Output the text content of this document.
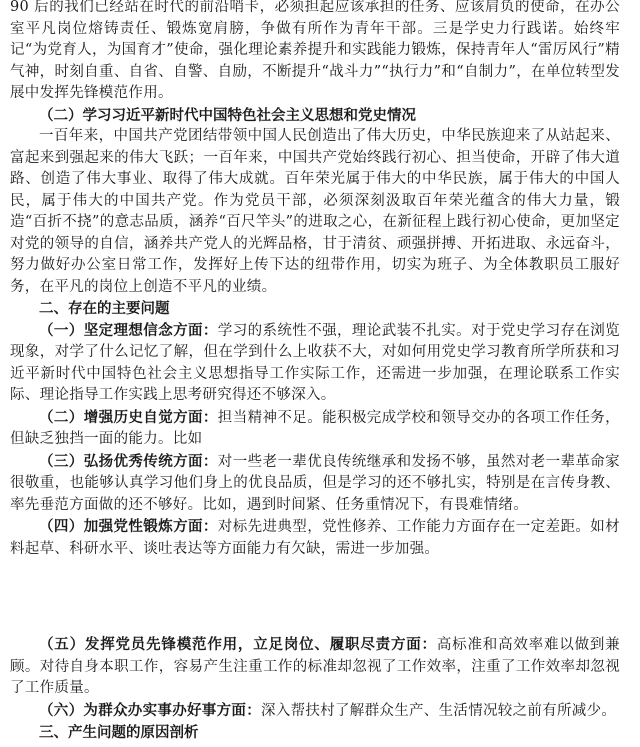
90 后的我们已经站在时代的前沿哨卡，必须担起应该承担的任务、应该肩负的使命，在办公室平凡岗位熔铸责任、锻炼宽肩膀，争做有所作为青年干部。三是学史力行践诺。始终牢记“为党育人，为国育才”使命，强化理论素养提升和实践能力锻炼，保持青年人“雷厉风行”精气神，时刻自重、自省、自警、自励，不断提升“战斗力”“执行力”和“自制力”，在单位转型发展中发挥先锋模范作用。

（二）学习习近平新时代中国特色社会主义思想和党史情况

一百年来，中国共产党团结带领中国人民创造出了伟大历史，中华民族迎来了从站起来、富起来到强起来的伟大飞跃；一百年来，中国共产党始终践行初心、担当使命，开辟了伟大道路、创造了伟大事业、取得了伟大成就。百年荣光属于伟大的中华民族，属于伟大的中国人民，属于伟大的中国共产党。作为党员干部，必须深刻汲取百年荣光蕴含的伟大力量，锻造“百折不挠”的意志品质，涵养“百尺竿头”的进取之心，在新征程上践行初心使命，更加坚定对党的领导的自信，涵养共产党人的光辉品格，甘于清贫、顽强拼搏、开拓进取、永远奋斗，努力做好办公室日常工作，发挥好上传下达的纽带作用，切实为班子、为全体教职员工服好务，在平凡的岗位上创造不平凡的业绩。

二、存在的主要问题

（一）坚定理想信念方面：学习的系统性不强，理论武装不扎实。对于党史学习存在浏览现象，对学了什么记忆了解，但在学到什么上收获不大，对如何用党史学习教育所学所获和习近平新时代中国特色社会主义思想指导工作实际工作，还需进一步加强，在理论联系工作实际、理论指导工作实践上思考研究得还不够深入。

（二）增强历史自觉方面：担当精神不足。能积极完成学校和领导交办的各项工作任务，但缺乏独挡一面的能力。比如

（三）弘扬优秀传统方面：对一些老一辈优良传统继承和发扬不够，虽然对老一辈革命家很敬重，也能够认真学习他们身上的优良品质，但是学习的还不够扎实，特别是在言传身教、率先垂范方面做的还不够好。比如，遇到时间紧、任务重情况下，有畏难情绪。

（四）加强党性锻炼方面：对标先进典型，党性修养、工作能力方面存在一定差距。如材料起草、科研水平、谈吐表达等方面能力有欠缺，需进一步加强。

（五）发挥党员先锋模范作用，立足岗位、履职尽责方面：高标准和高效率难以做到兼顾。对待自身本职工作，容易产生注重工作的标准却忽视了工作效率，注重了工作效率却忽视了工作质量。

（六）为群众办实事办好事方面：深入帮扶村了解群众生产、生活情况较之前有所减少。

三、产生问题的原因剖析
